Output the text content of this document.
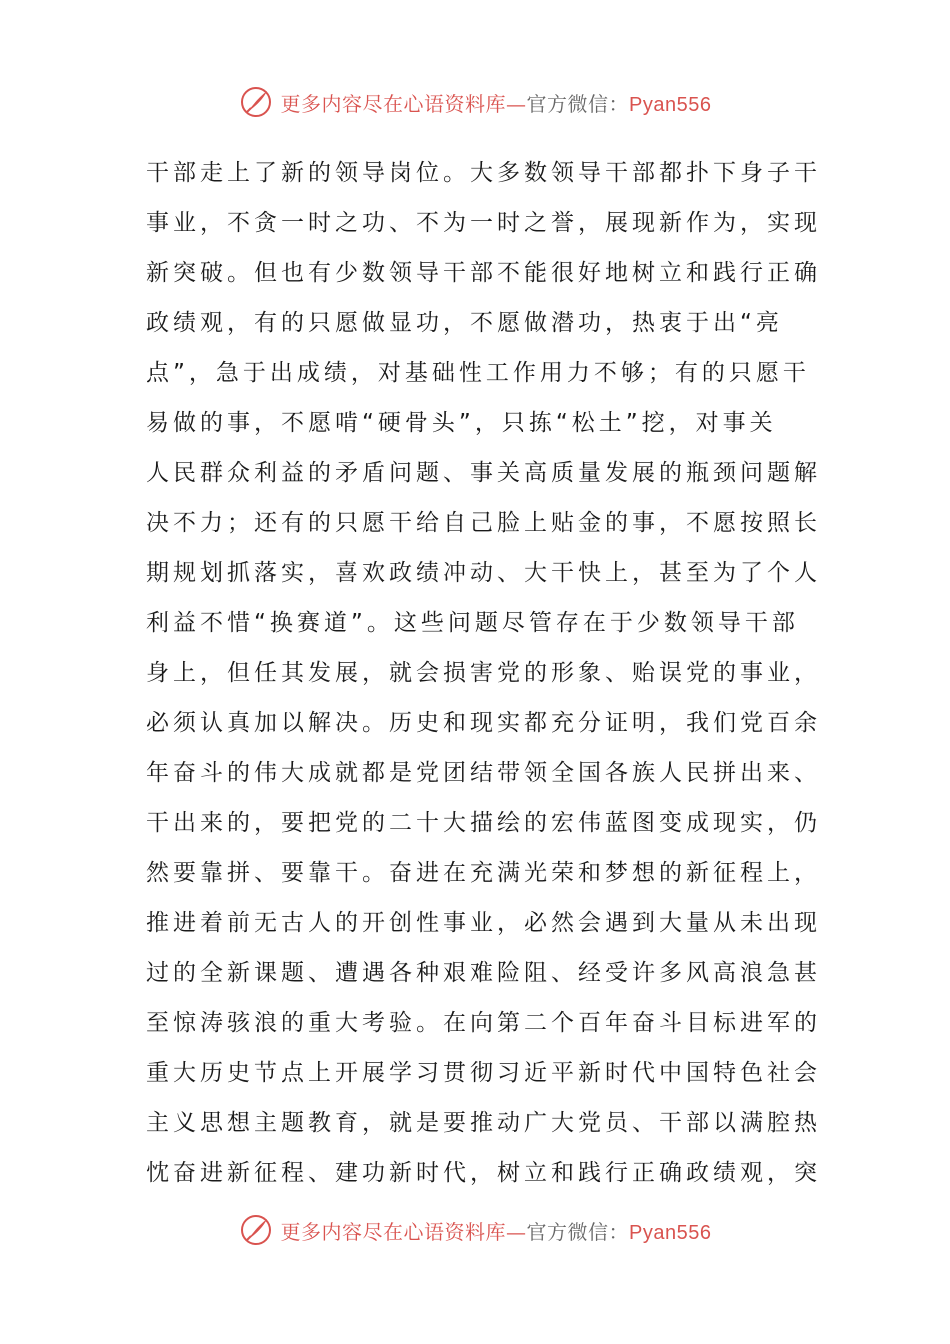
更多内容尽在心语资料库—官方微信：Pyan556
干部走上了新的领导岗位。大多数领导干部都扑下身子干
事业，不贪一时之功、不为一时之誉，展现新作为，实现
新突破。但也有少数领导干部不能很好地树立和践行正确
政绩观，有的只愿做显功，不愿做潜功，热衷于出“亮
点”，急于出成绩，对基础性工作用力不够；有的只愿干
易做的事，不愿啃“硬骨头”，只拣“松土”挖，对事关
人民群众利益的矛盾问题、事关高质量发展的瓶颈问题解
决不力；还有的只愿干给自己脸上贴金的事，不愿按照长
期规划抓落实，喜欢政绩冲动、大干快上，甚至为了个人
利益不惜“换赛道”。这些问题尽管存在于少数领导干部
身上，但任其发展，就会损害党的形象、贻误党的事业，
必须认真加以解决。历史和现实都充分证明，我们党百余
年奋斗的伟大成就都是党团结带领全国各族人民拼出来、
干出来的，要把党的二十大描绘的宏伟蓝图变成现实，仍
然要靠拼、要靠干。奋进在充满光荣和梦想的新征程上，
推进着前无古人的开创性事业，必然会遇到大量从未出现
过的全新课题、遭遇各种艰难险阻、经受许多风高浪急甚
至惊涛骇浪的重大考验。在向第二个百年奋斗目标进军的
重大历史节点上开展学习贯彻习近平新时代中国特色社会
主义思想主题教育，就是要推动广大党员、干部以满腔热
忱奋进新征程、建功新时代，树立和践行正确政绩观，突
更多内容尽在心语资料库—官方微信：Pyan556
